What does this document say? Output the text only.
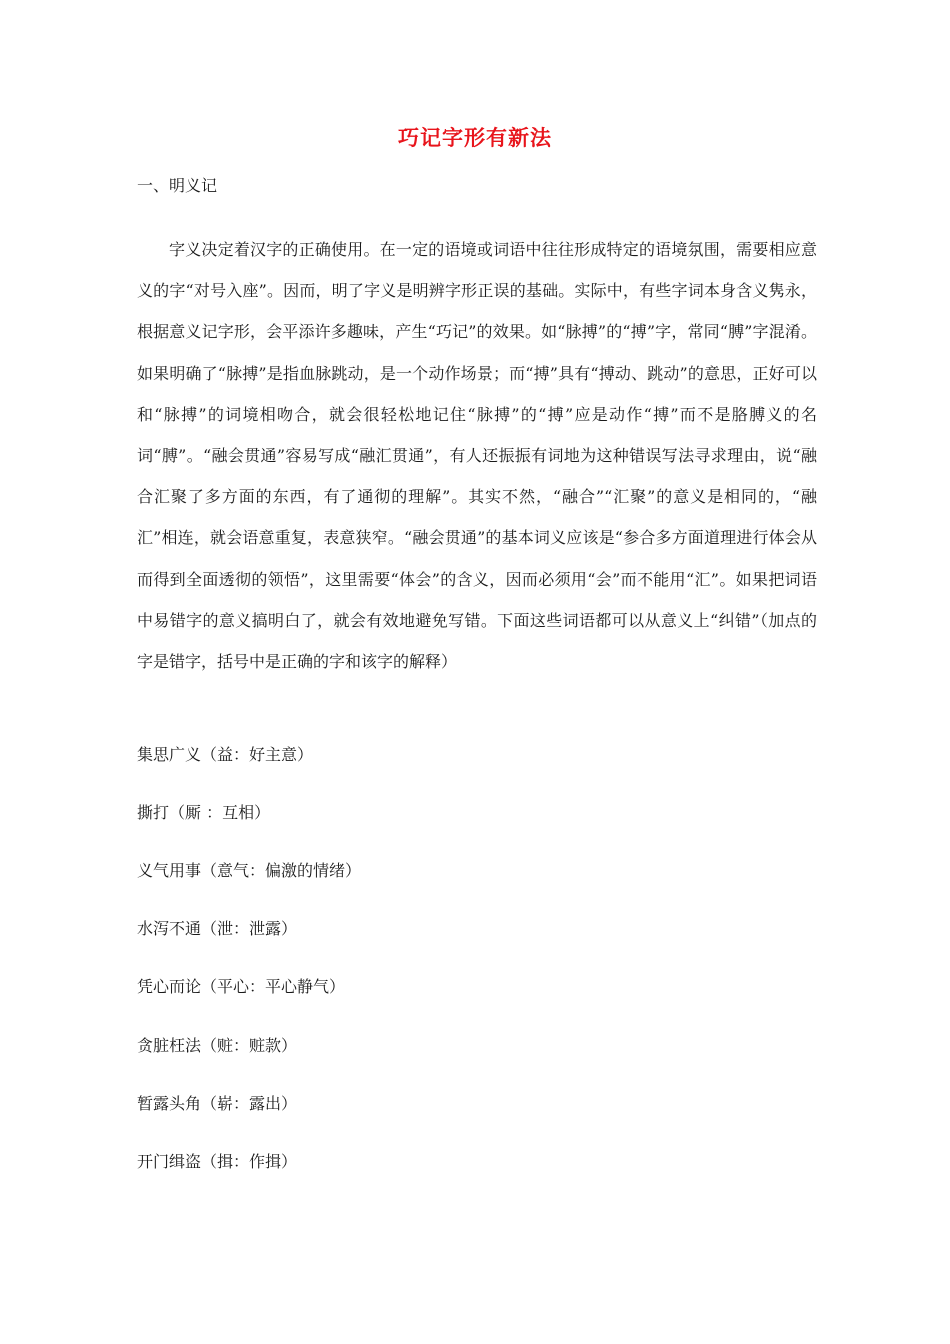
巧记字形有新法

一、明义记

字义决定着汉字的正确使用。在一定的语境或词语中往往形成特定的语境氛围，需要相应意义的字“对号入座”。因而，明了字义是明辨字形正误的基础。实际中，有些字词本身含义隽永，根据意义记字形，会平添许多趣味，产生“巧记”的效果。如“脉搏”的“搏”字，常同“膊”字混淆。如果明确了“脉搏”是指血脉跳动，是一个动作场景；而“搏”具有“搏动、跳动”的意思，正好可以和“脉搏”的词境相吻合，就会很轻松地记住“脉搏”的“搏”应是动作“搏”而不是胳膊义的名词“膊”。“融会贯通”容易写成“融汇贯通”，有人还振振有词地为这种错误写法寻求理由，说“融合汇聚了多方面的东西，有了通彻的理解”。其实不然，“融合”“汇聚”的意义是相同的，“融汇”相连，就会语意重复，表意狭窄。“融会贯通”的基本词义应该是“参合多方面道理进行体会从而得到全面透彻的领悟”，这里需要“体会”的含义，因而必须用“会”而不能用“汇”。如果把词语中易错字的意义搞明白了，就会有效地避免写错。下面这些词语都可以从意义上“纠错”（加点的字是错字，括号中是正确的字和该字的解释）

集思广义（益：好主意）

撕打（厮 ：互相）

义气用事（意气：偏激的情绪）

水泻不通（泄：泄露）

凭心而论（平心：平心静气）

贪脏枉法（赃：赃款）

暂露头角（崭：露出）

开门缉盗（揖：作揖）
